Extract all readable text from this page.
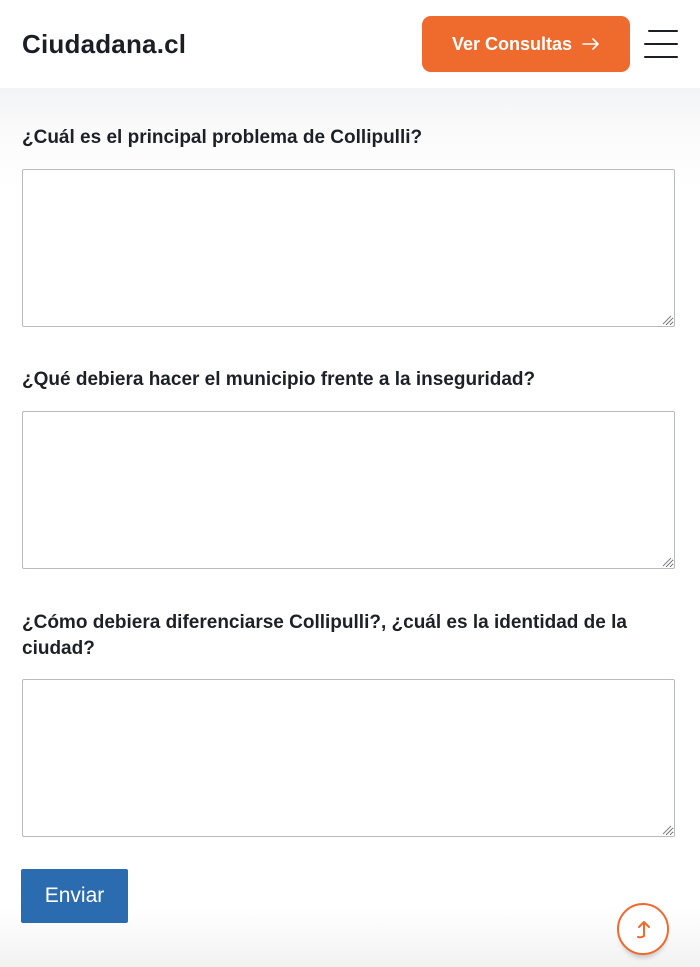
Ciudadana.cl	Ver Consultas
¿Cuál es el principal problema de Collipulli?
¿Qué debiera hacer el municipio frente a la inseguridad?
¿Cómo debiera diferenciarse Collipulli?, ¿cuál es la identidad de la ciudad?
Enviar
